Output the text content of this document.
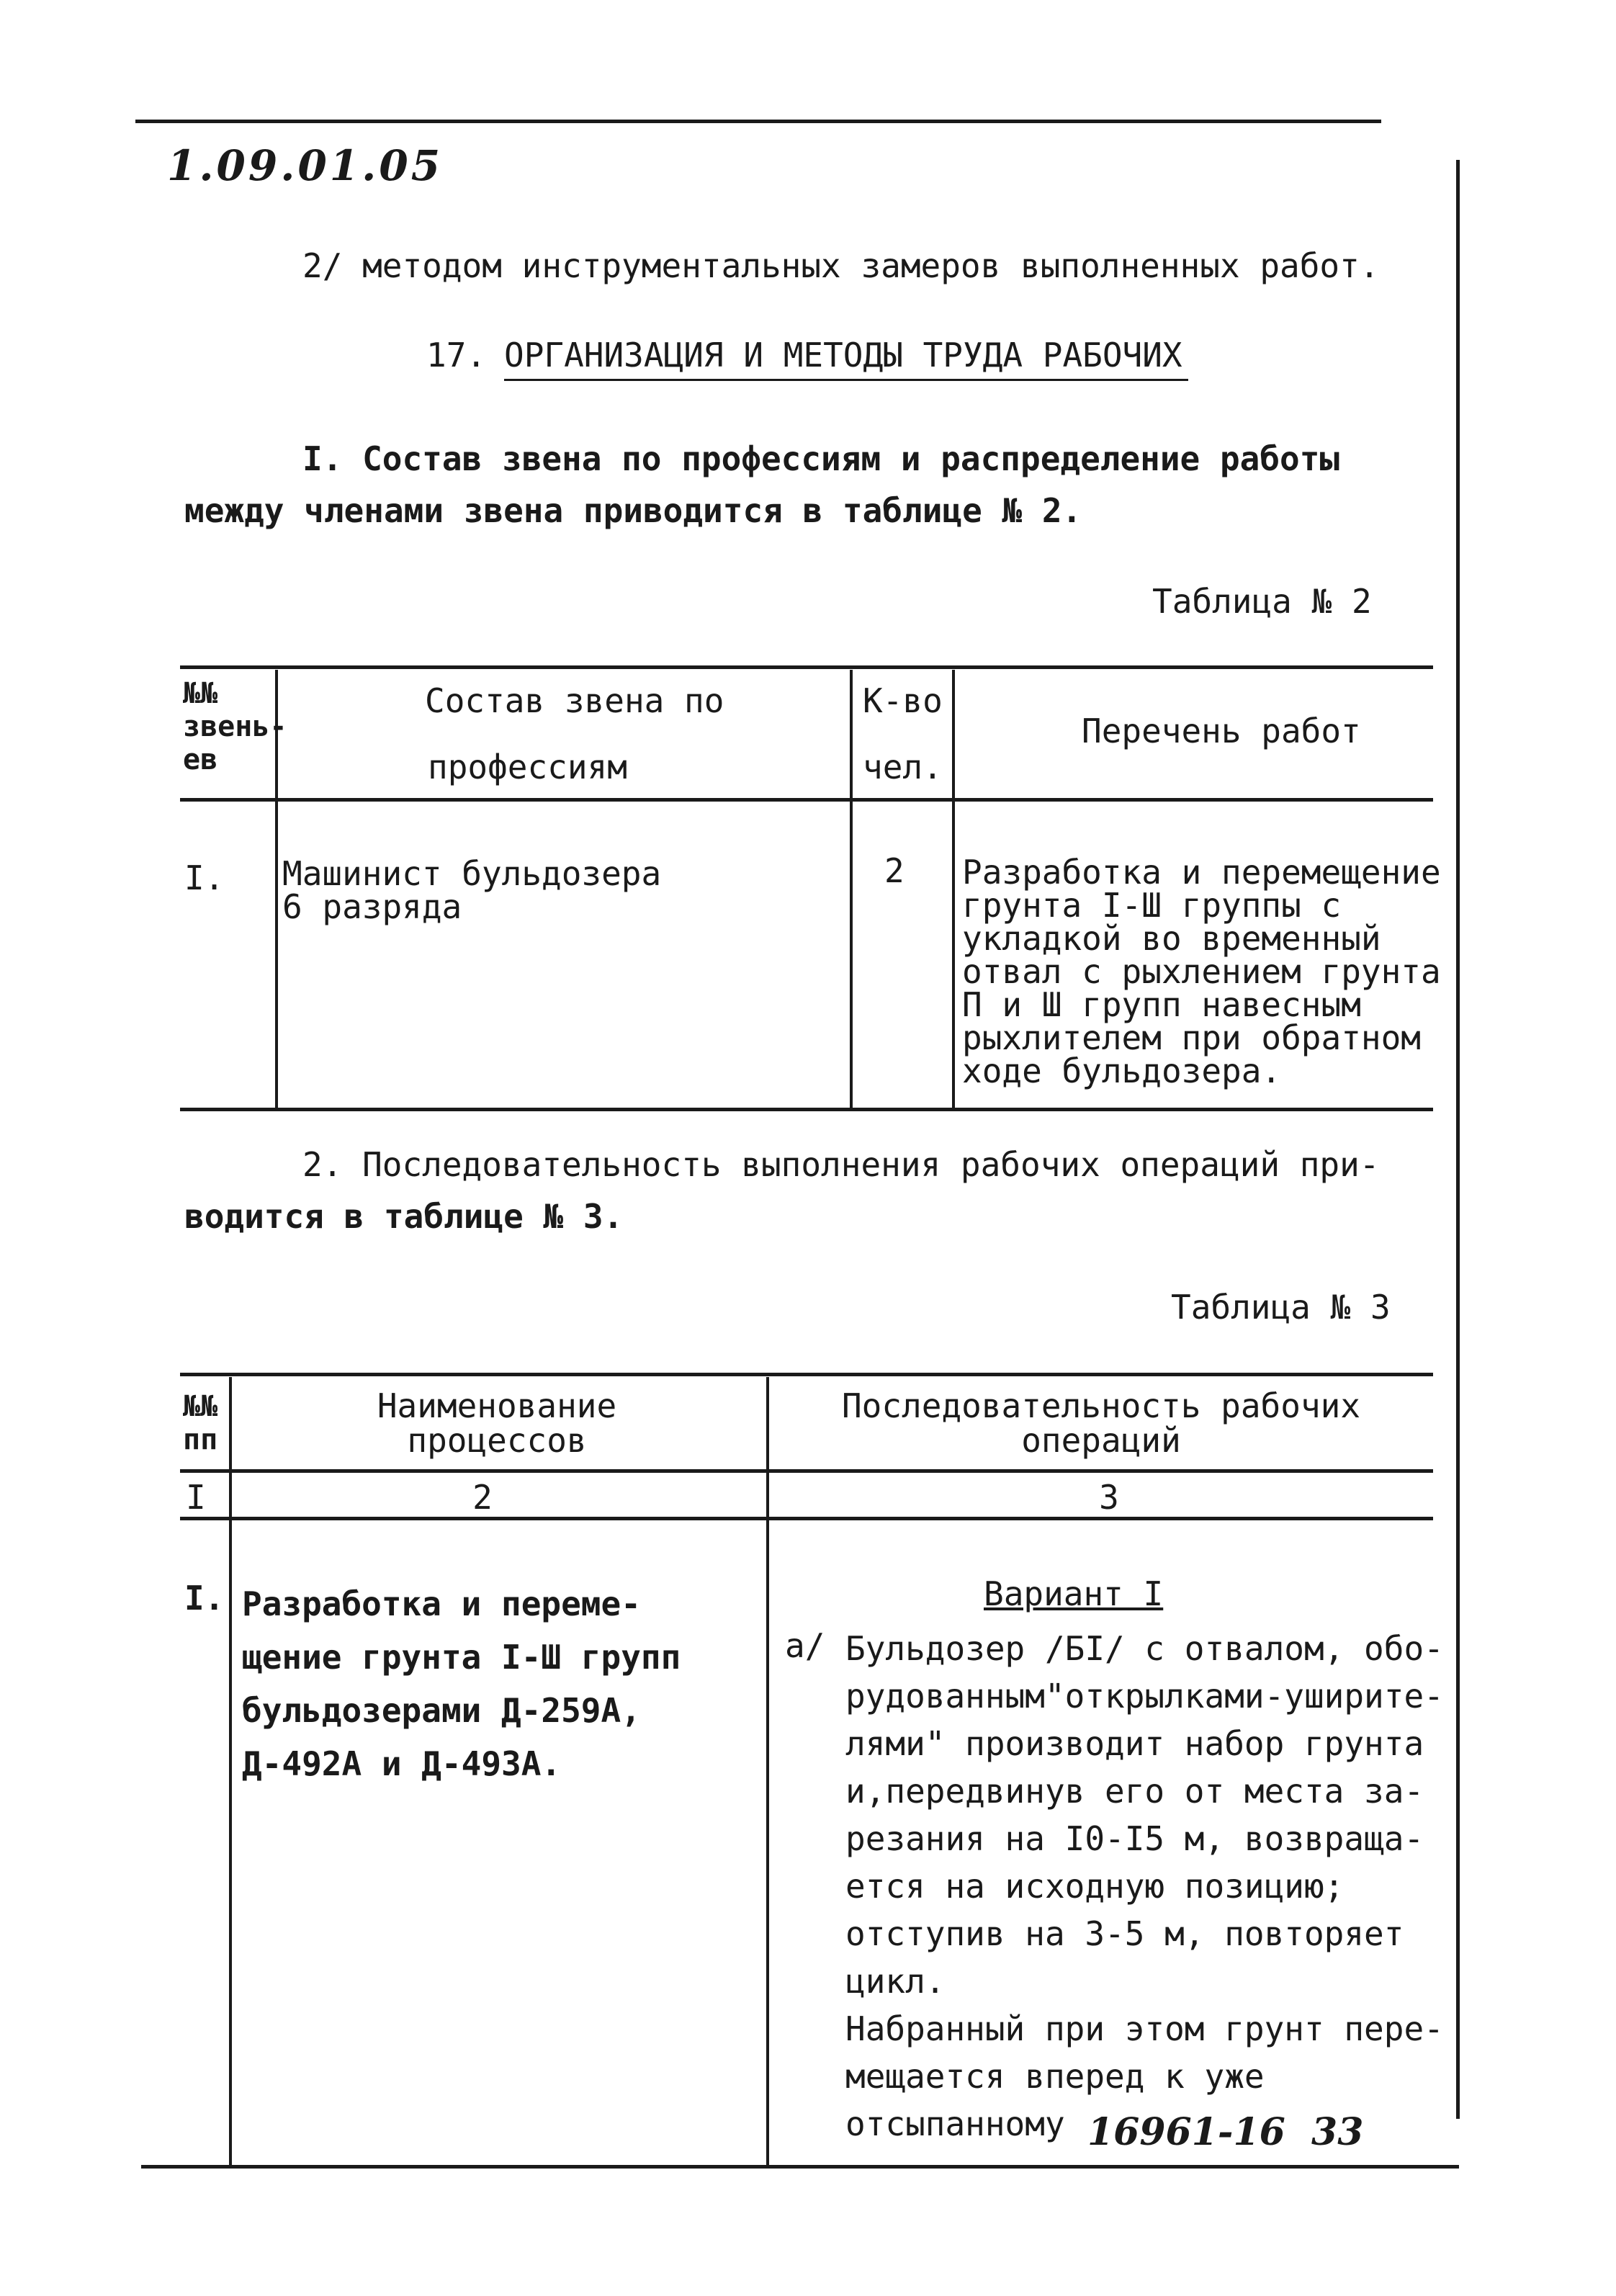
1.09.01.05
2/ методом инструментальных замеров выполненных работ.
17. ОРГАНИЗАЦИЯ И МЕТОДЫ ТРУДА РАБОЧИХ
I. Состав звена по профессиям и распределение работы
между членами звена приводится в таблице № 2.
Таблица № 2
№№
звень-
ев
Состав звена по
профессиям
К-во
чел.
Перечень работ
I. Машинист бульдозера
6 разряда
2 Разработка и перемещение
грунта I-Ш группы с
укладкой во временный
отвал с рыхлением грунта
П и Ш групп навесным
рыхлителем при обратном
ходе бульдозера.
2. Последовательность выполнения рабочих операций при-
водится в таблице № 3.
Таблица № 3
№№
пп
Наименование
процессов
Последовательность рабочих
операций
I	2	3
I. Разработка и переме-
щение грунта I-Ш групп
бульдозерами Д-259А,
Д-492А и Д-493А.
Вариант I
а/ Бульдозер /БI/ с отвалом, обо-
рудованным"открылками-уширите-
лями" производит набор грунта
и,передвинув его от места за-
резания на I0-I5 м, возвраща-
ется на исходную позицию;
отступив на 3-5 м, повторяет
цикл.
Набранный при этом грунт пере-
мещается вперед к уже
отсыпанному 16961-16  33
